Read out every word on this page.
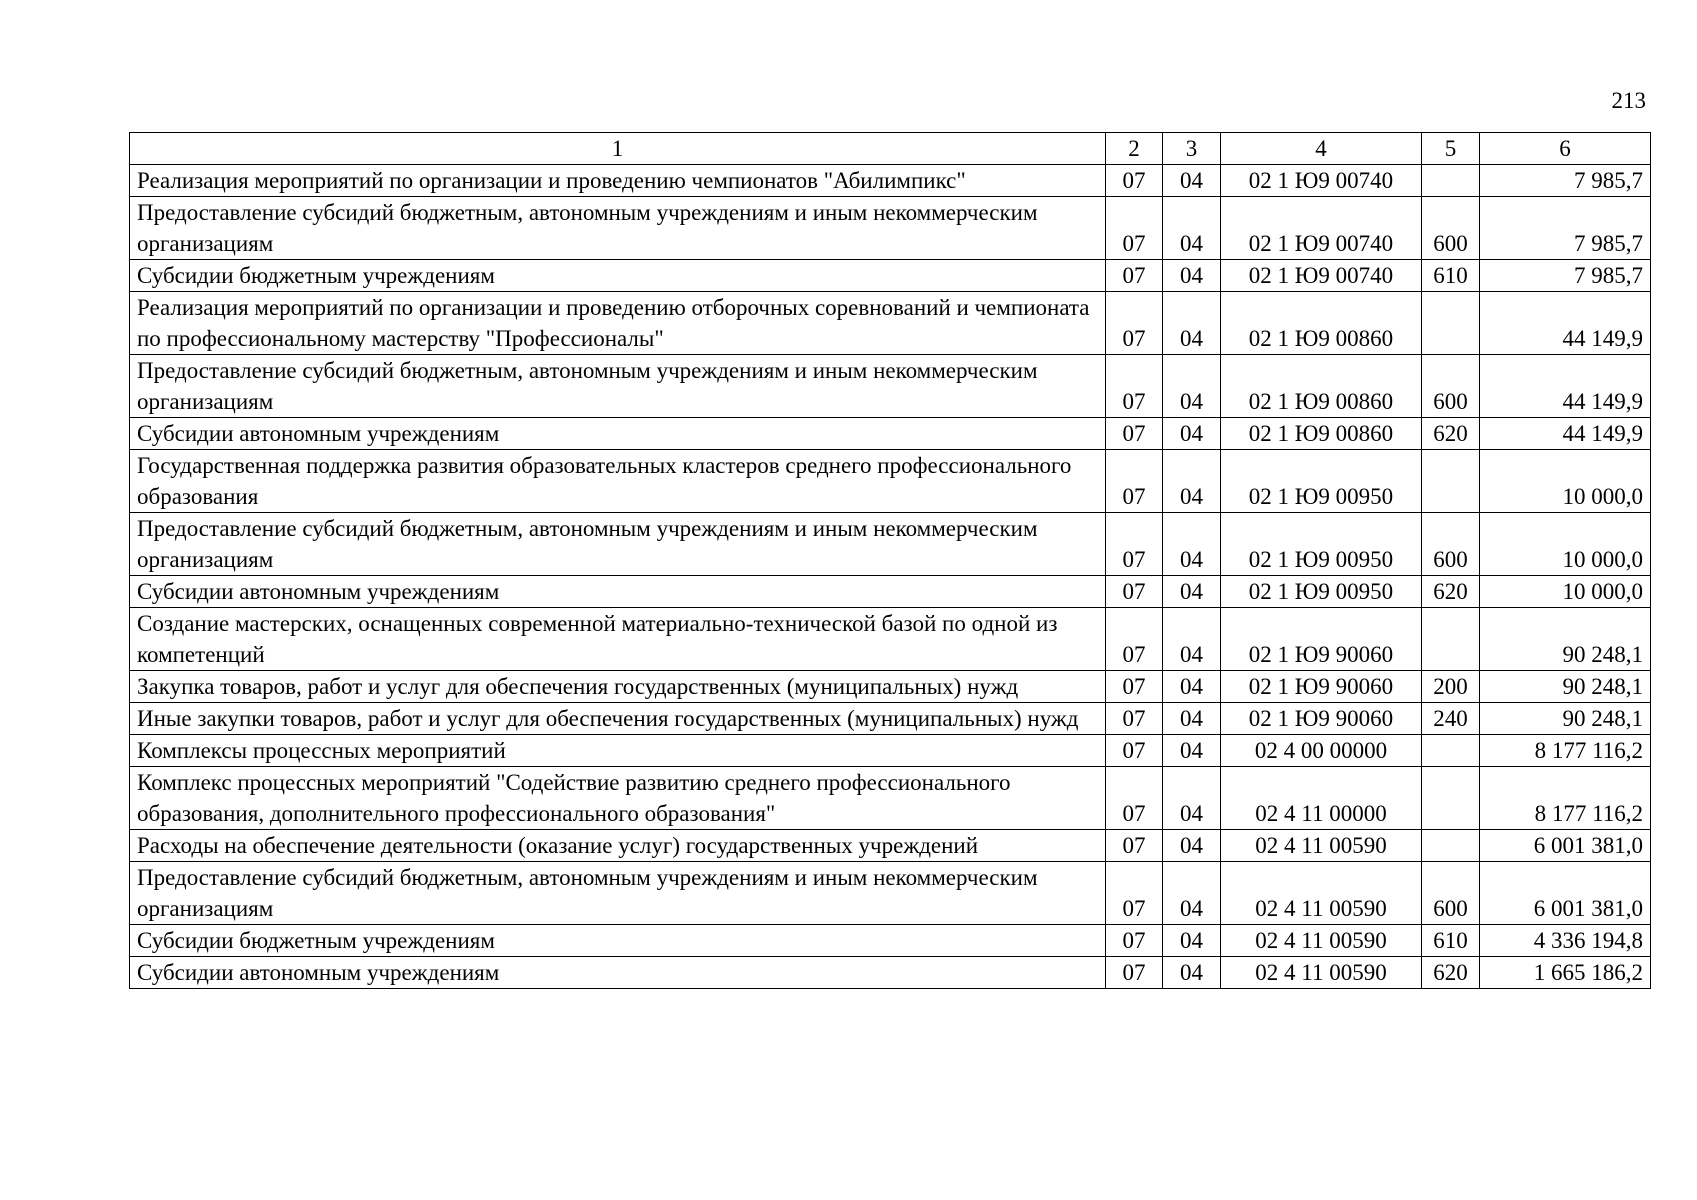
213
1	2	3	4	5	6
Реализация мероприятий по организации и проведению чемпионатов "Абилимпикс"	07	04	02 1 Ю9 00740		7 985,7
Предоставление субсидий бюджетным, автономным учреждениям и иным некоммерческим организациям	07	04	02 1 Ю9 00740	600	7 985,7
Субсидии бюджетным учреждениям	07	04	02 1 Ю9 00740	610	7 985,7
Реализация мероприятий по организации и проведению отборочных соревнований и чемпионата по профессиональному мастерству "Профессионалы"	07	04	02 1 Ю9 00860		44 149,9
Предоставление субсидий бюджетным, автономным учреждениям и иным некоммерческим организациям	07	04	02 1 Ю9 00860	600	44 149,9
Субсидии автономным учреждениям	07	04	02 1 Ю9 00860	620	44 149,9
Государственная поддержка развития образовательных кластеров среднего профессионального образования	07	04	02 1 Ю9 00950		10 000,0
Предоставление субсидий бюджетным, автономным учреждениям и иным некоммерческим организациям	07	04	02 1 Ю9 00950	600	10 000,0
Субсидии автономным учреждениям	07	04	02 1 Ю9 00950	620	10 000,0
Создание мастерских, оснащенных современной материально-технической базой по одной из компетенций	07	04	02 1 Ю9 90060		90 248,1
Закупка товаров, работ и услуг для обеспечения государственных (муниципальных) нужд	07	04	02 1 Ю9 90060	200	90 248,1
Иные закупки товаров, работ и услуг для обеспечения государственных (муниципальных) нужд	07	04	02 1 Ю9 90060	240	90 248,1
Комплексы процессных мероприятий	07	04	02 4 00 00000		8 177 116,2
Комплекс процессных мероприятий "Содействие развитию среднего профессионального образования, дополнительного профессионального образования"	07	04	02 4 11 00000		8 177 116,2
Расходы на обеспечение деятельности (оказание услуг) государственных учреждений	07	04	02 4 11 00590		6 001 381,0
Предоставление субсидий бюджетным, автономным учреждениям и иным некоммерческим организациям	07	04	02 4 11 00590	600	6 001 381,0
Субсидии бюджетным учреждениям	07	04	02 4 11 00590	610	4 336 194,8
Субсидии автономным учреждениям	07	04	02 4 11 00590	620	1 665 186,2
